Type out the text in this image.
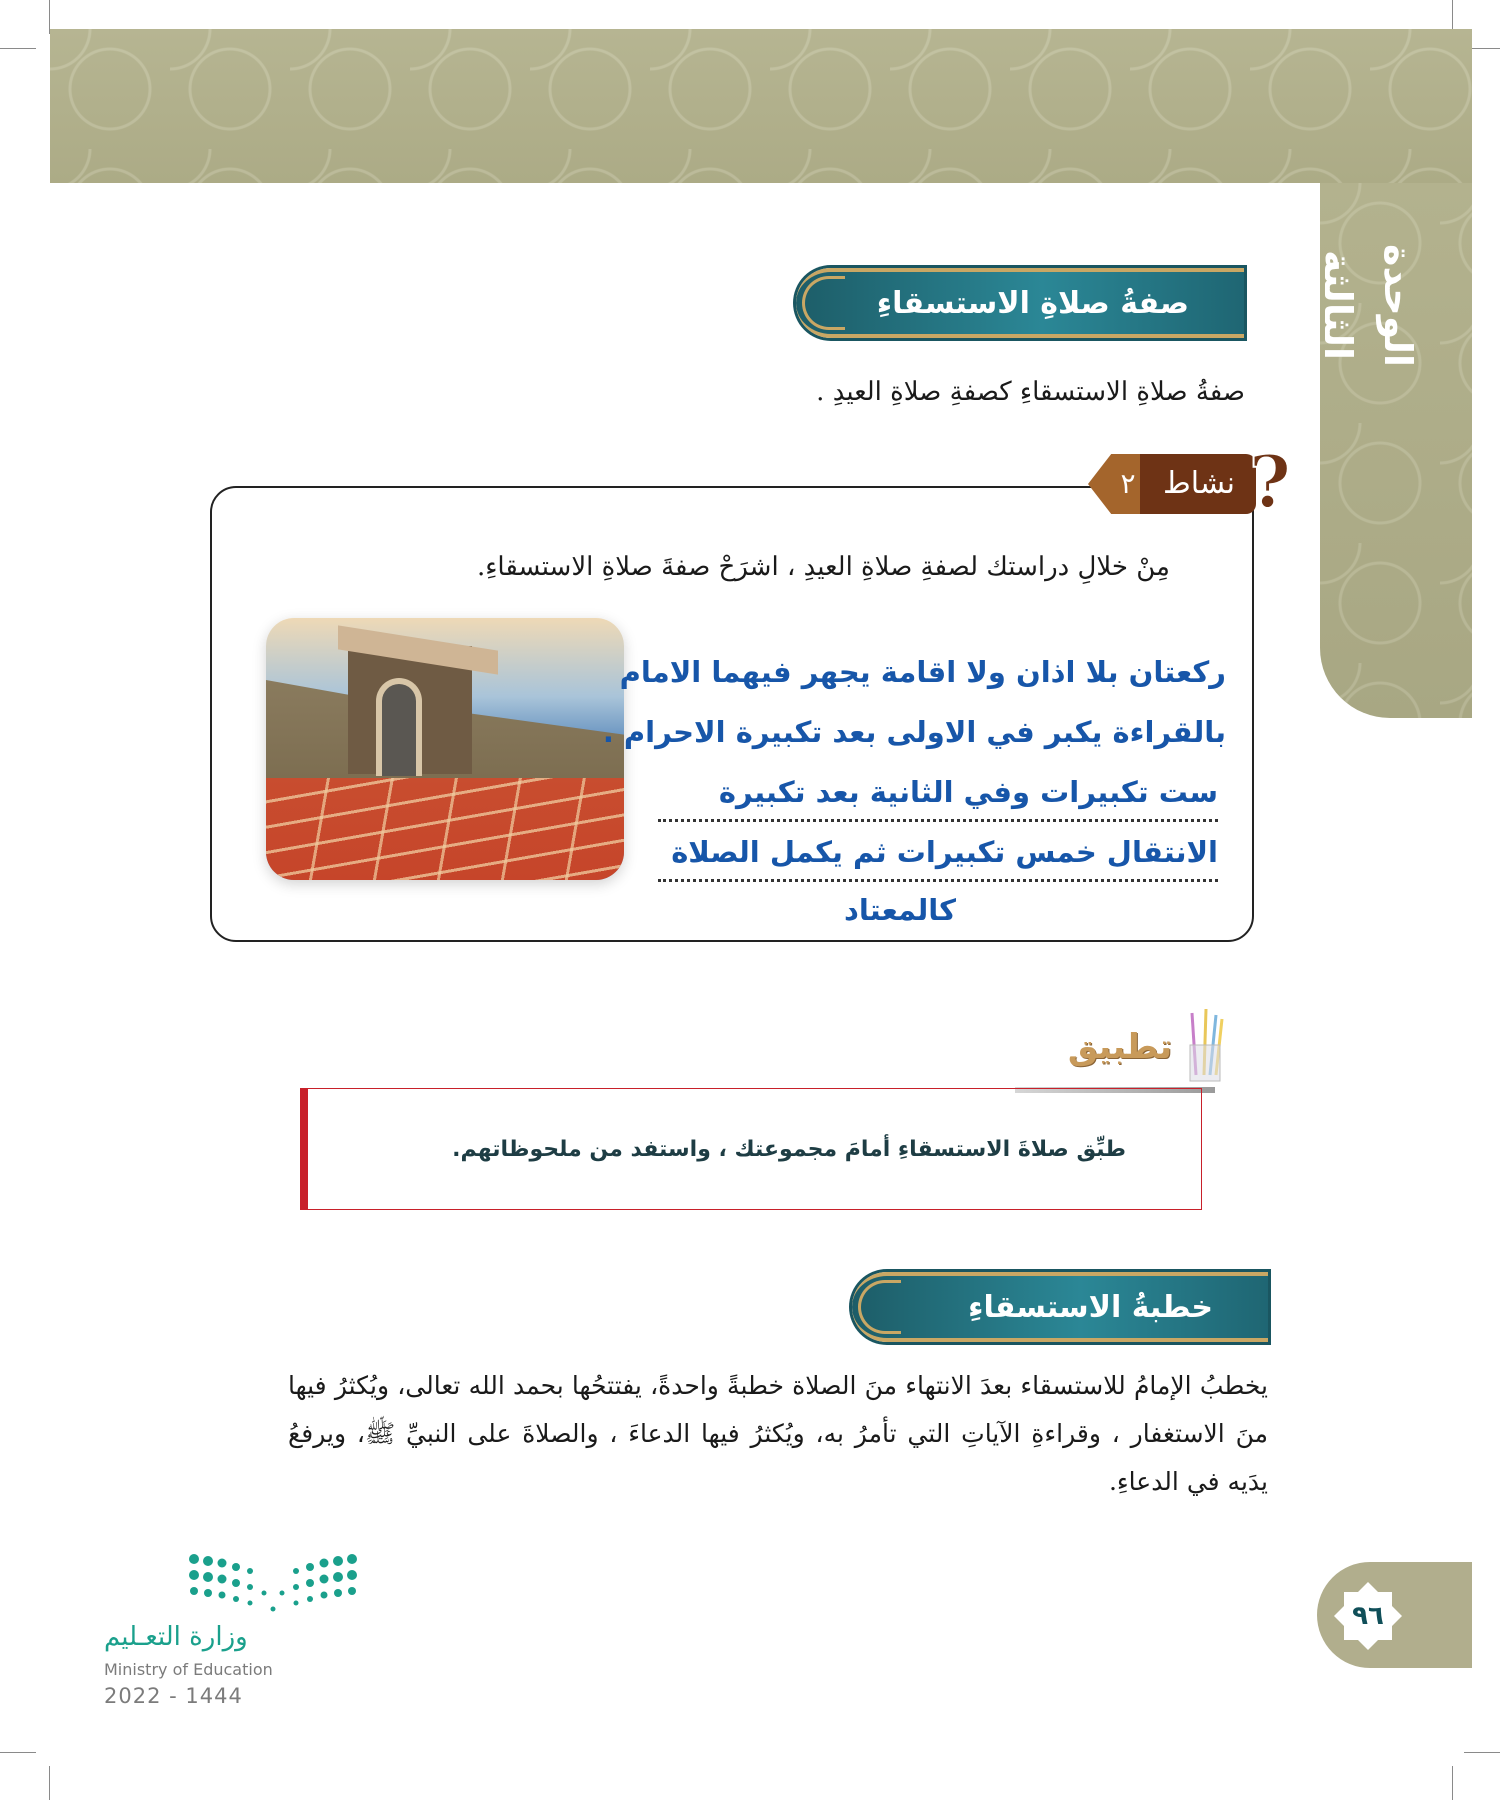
الوحدة الثالثة
صفةُ صلاةِ الاستسقاءِ

صفةُ صلاةِ الاستسقاءِ كصفةِ صلاةِ العيدِ .

٢ نشاط ?

مِنْ خلالِ دراستك لصفةِ صلاةِ العيدِ ، اشرَحْ صفةَ صلاةِ الاستسقاءِ.

ركعتان بلا اذان ولا اقامة يجهر فيهما الامام
بالقراءة يكبر في الاولى بعد تكبيرة الاحرام .
ست تكبيرات وفي الثانية بعد تكبيرة
الانتقال خمس تكبيرات ثم يكمل الصلاة
كالمعتاد
تطبيق
طبِّق صلاةَ الاستسقاءِ أمامَ مجموعتك ، واستفد من ملحوظاتهم.
خطبةُ الاستسقاءِ

يخطبُ الإمامُ للاستسقاء بعدَ الانتهاء منَ الصلاة خطبةً واحدةً، يفتتحُها بحمد الله تعالى، ويُكثرُ فيها منَ الاستغفار ، وقراءةِ الآياتِ التي تأمرُ به، ويُكثرُ فيها الدعاءَ ، والصلاةَ على النبيِّ ﷺ، ويرفعُ يدَيه في الدعاءِ.

وزارة التعـليم
Ministry of Education
2022 - 1444
٩٦
